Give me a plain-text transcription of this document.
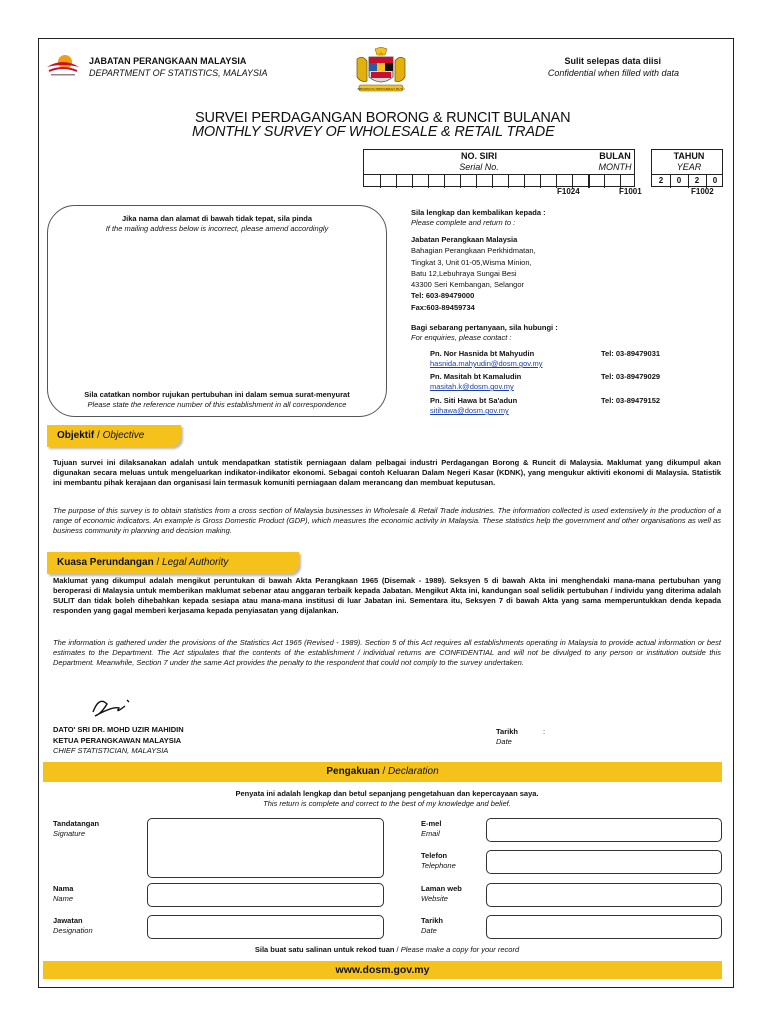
JABATAN PERANGKAAN MALAYSIA
DEPARTMENT OF STATISTICS, MALAYSIA
BERSEKUTU BERTAMBAH MUTU
Sulit selepas data diisi
Confidential when filled with data
SURVEI PERDAGANGAN BORONG & RUNCIT BULANAN
MONTHLY SURVEY OF WHOLESALE & RETAIL TRADE
NO. SIRI
Serial No.
BULAN
MONTH
TAHUN
YEAR
2	0	2	0
F1024	F1001	F1002
Jika nama dan alamat di bawah tidak tepat, sila pinda
If the mailing address below is incorrect, please amend accordingly
Sila catatkan nombor rujukan pertubuhan ini dalam semua surat-menyurat
Please state the reference number of this establishment in all correspondence
Sila lengkap dan kembalikan kepada :
Please complete and return to :
Jabatan Perangkaan Malaysia
Bahagian Perangkaan Perkhidmatan,
Tingkat 3, Unit 01-05,Wisma Minion,
Batu 12,Lebuhraya Sungai Besi
43300 Seri Kembangan, Selangor
Tel: 603-89479000
Fax:603-89459734
Bagi sebarang pertanyaan, sila hubungi :
For enquiries, please contact :
Pn. Nor Hasnida bt Mahyudin
hasnida.mahyudin@dosm.gov.my
Tel: 03-89479031
Pn. Masitah bt Kamaludin
masitah.k@dosm.gov.my
Tel: 03-89479029
Pn. Siti Hawa bt Sa'adun
sitihawa@dosm.gov.my
Tel: 03-89479152
Objektif / Objective
Tujuan survei ini dilaksanakan adalah untuk mendapatkan statistik perniagaan dalam pelbagai industri Perdagangan Borong & Runcit di Malaysia. Maklumat yang dikumpul akan digunakan secara meluas untuk mengeluarkan indikator-indikator ekonomi. Sebagai contoh Keluaran Dalam Negeri Kasar (KDNK), yang mengukur aktiviti ekonomi di Malaysia. Statistik ini membantu pihak kerajaan dan organisasi lain termasuk komuniti perniagaan dalam merancang dan membuat keputusan.
The purpose of this survey is to obtain statistics from a cross section of Malaysia businesses in Wholesale & Retail Trade industries. The information collected is used extensively in the production of a range of economic indicators. An example is Gross Domestic Product (GDP), which measures the economic activity in Malaysia. These statistics help the government and other organisations as well as business community in planning and decision making.
Kuasa Perundangan / Legal Authority
Maklumat yang dikumpul adalah mengikut peruntukan di bawah Akta Perangkaan 1965 (Disemak - 1989). Seksyen 5 di bawah Akta ini menghendaki mana-mana pertubuhan yang beroperasi di Malaysia untuk memberikan maklumat sebenar atau anggaran terbaik kepada Jabatan. Mengikut Akta ini, kandungan soal selidik pertubuhan / individu yang diterima adalah SULIT dan tidak boleh dihebahkan kepada sesiapa atau mana-mana institusi di luar Jabatan ini. Sementara itu, Seksyen 7 di bawah Akta yang sama memperuntukkan denda kepada responden yang gagal memberi kerjasama kepada penyiasatan yang dijalankan.
The information is gathered under the provisions of the Statistics Act 1965 (Revised - 1989). Section 5 of this Act requires all establishments operating in Malaysia to provide actual information or best estimates to the Department. The Act stipulates that the contents of the establishment / individual returns are CONFIDENTIAL and will not be divulged to any person or institution outside this Department. Meanwhile, Section 7 under the same Act provides the penalty to the respondent that could not comply to the survey undertaken.
DATO' SRI DR. MOHD UZIR MAHIDIN
KETUA PERANGKAWAN MALAYSIA
CHIEF STATISTICIAN, MALAYSIA
Tarikh	:
Date
Pengakuan / Declaration
Penyata ini adalah lengkap dan betul sepanjang pengetahuan dan kepercayaan saya.
This return is complete and correct to the best of my knowledge and belief.
Tandatangan
Signature
E-mel
Email
Telefon
Telephone
Nama
Name
Laman web
Website
Jawatan
Designation
Tarikh
Date
Sila buat satu salinan untuk rekod tuan / Please make a copy for your record
www.dosm.gov.my
